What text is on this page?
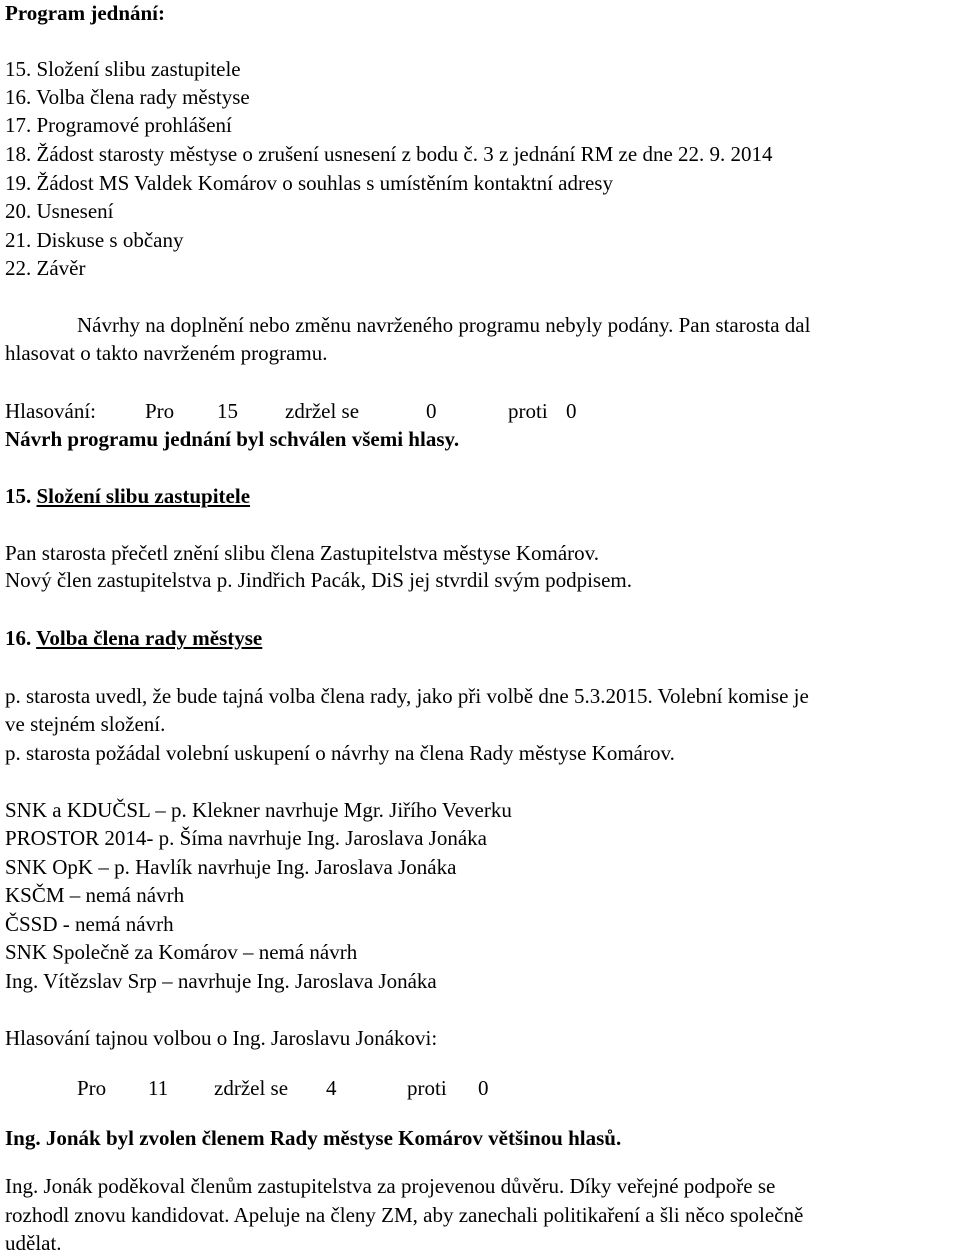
Program jednání:
15. Složení slibu zastupitele
16. Volba člena rady městyse
17. Programové prohlášení
18. Žádost starosty městyse o zrušení usnesení z bodu č. 3 z jednání RM ze dne 22. 9. 2014
19. Žádost MS Valdek Komárov o souhlas s umístěním kontaktní adresy
20. Usnesení
21. Diskuse s občany
22. Závěr
Návrhy na doplnění nebo změnu navrženého programu nebyly podány. Pan starosta dal
hlasovat o takto navrženém programu.
Hlasování: Pro 15 zdržel se	0	proti 0
Návrh programu jednání byl schválen všemi hlasy.
15. Složení slibu zastupitele
Pan starosta přečetl znění slibu člena Zastupitelstva městyse Komárov.
Nový člen zastupitelstva p. Jindřich Pacák, DiS jej stvrdil svým podpisem.
16. Volba člena rady městyse
p. starosta uvedl, že bude tajná volba člena rady, jako při volbě dne 5.3.2015. Volební komise je
ve stejném složení.
p. starosta požádal volební uskupení o návrhy na člena Rady městyse Komárov.
SNK a KDUČSL – p. Klekner navrhuje Mgr. Jiřího Veverku
PROSTOR 2014- p. Šíma navrhuje Ing. Jaroslava Jonáka
SNK OpK – p. Havlík navrhuje Ing. Jaroslava Jonáka
KSČM – nemá návrh
ČSSD - nemá návrh
SNK Společně za Komárov – nemá návrh
Ing. Vítězslav Srp – navrhuje Ing. Jaroslava Jonáka
Hlasování tajnou volbou o Ing. Jaroslavu Jonákovi:
Pro 11 zdržel se 4	proti 0
Ing. Jonák byl zvolen členem Rady městyse Komárov většinou hlasů.
Ing. Jonák poděkoval členům zastupitelstva za projevenou důvěru. Díky veřejné podpoře se
rozhodl znovu kandidovat. Apeluje na členy ZM, aby zanechali politikaření a šli něco společně
udělat.
